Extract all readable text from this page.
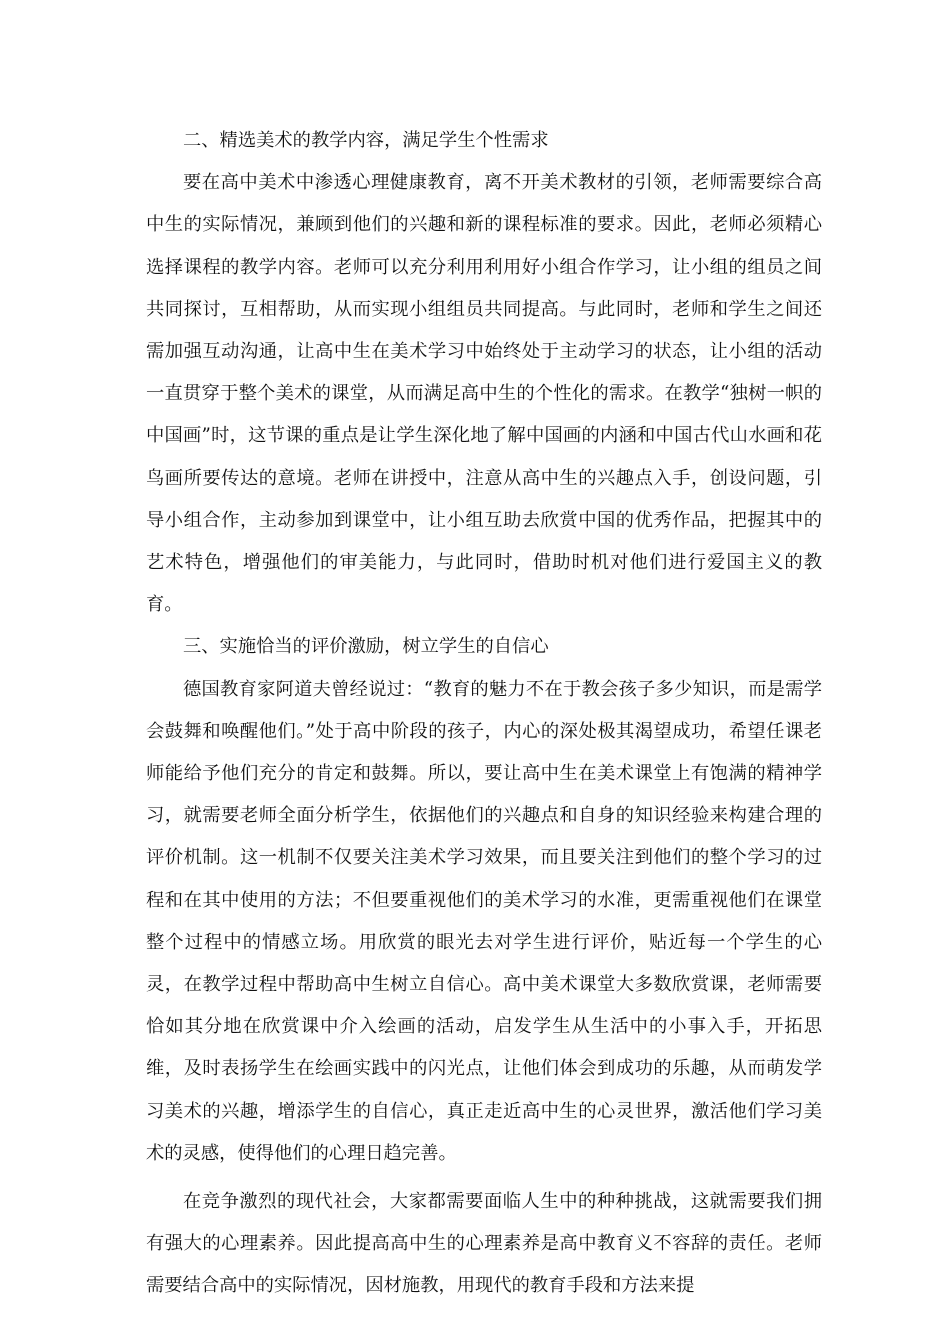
二、精选美术的教学内容，满足学生个性需求

要在高中美术中渗透心理健康教育，离不开美术教材的引领，老师需要综合高中生的实际情况，兼顾到他们的兴趣和新的课程标准的要求。因此，老师必须精心选择课程的教学内容。老师可以充分利用利用好小组合作学习，让小组的组员之间共同探讨，互相帮助，从而实现小组组员共同提高。与此同时，老师和学生之间还需加强互动沟通，让高中生在美术学习中始终处于主动学习的状态，让小组的活动一直贯穿于整个美术的课堂，从而满足高中生的个性化的需求。在教学“独树一帜的中国画”时，这节课的重点是让学生深化地了解中国画的内涵和中国古代山水画和花鸟画所要传达的意境。老师在讲授中，注意从高中生的兴趣点入手，创设问题，引导小组合作，主动参加到课堂中，让小组互助去欣赏中国的优秀作品，把握其中的艺术特色，增强他们的审美能力，与此同时，借助时机对他们进行爱国主义的教育。

三、实施恰当的评价激励，树立学生的自信心

德国教育家阿道夫曾经说过：“教育的魅力不在于教会孩子多少知识，而是需学会鼓舞和唤醒他们。”处于高中阶段的孩子，内心的深处极其渴望成功，希望任课老师能给予他们充分的肯定和鼓舞。所以，要让高中生在美术课堂上有饱满的精神学习，就需要老师全面分析学生，依据他们的兴趣点和自身的知识经验来构建合理的评价机制。这一机制不仅要关注美术学习效果，而且要关注到他们的整个学习的过程和在其中使用的方法；不但要重视他们的美术学习的水准，更需重视他们在课堂整个过程中的情感立场。用欣赏的眼光去对学生进行评价，贴近每一个学生的心灵，在教学过程中帮助高中生树立自信心。高中美术课堂大多数欣赏课，老师需要恰如其分地在欣赏课中介入绘画的活动，启发学生从生活中的小事入手，开拓思维，及时表扬学生在绘画实践中的闪光点，让他们体会到成功的乐趣，从而萌发学习美术的兴趣，增添学生的自信心，真正走近高中生的心灵世界，激活他们学习美术的灵感，使得他们的心理日趋完善。

在竞争激烈的现代社会，大家都需要面临人生中的种种挑战，这就需要我们拥有强大的心理素养。因此提高高中生的心理素养是高中教育义不容辞的责任。老师需要结合高中的实际情况，因材施教，用现代的教育手段和方法来提
